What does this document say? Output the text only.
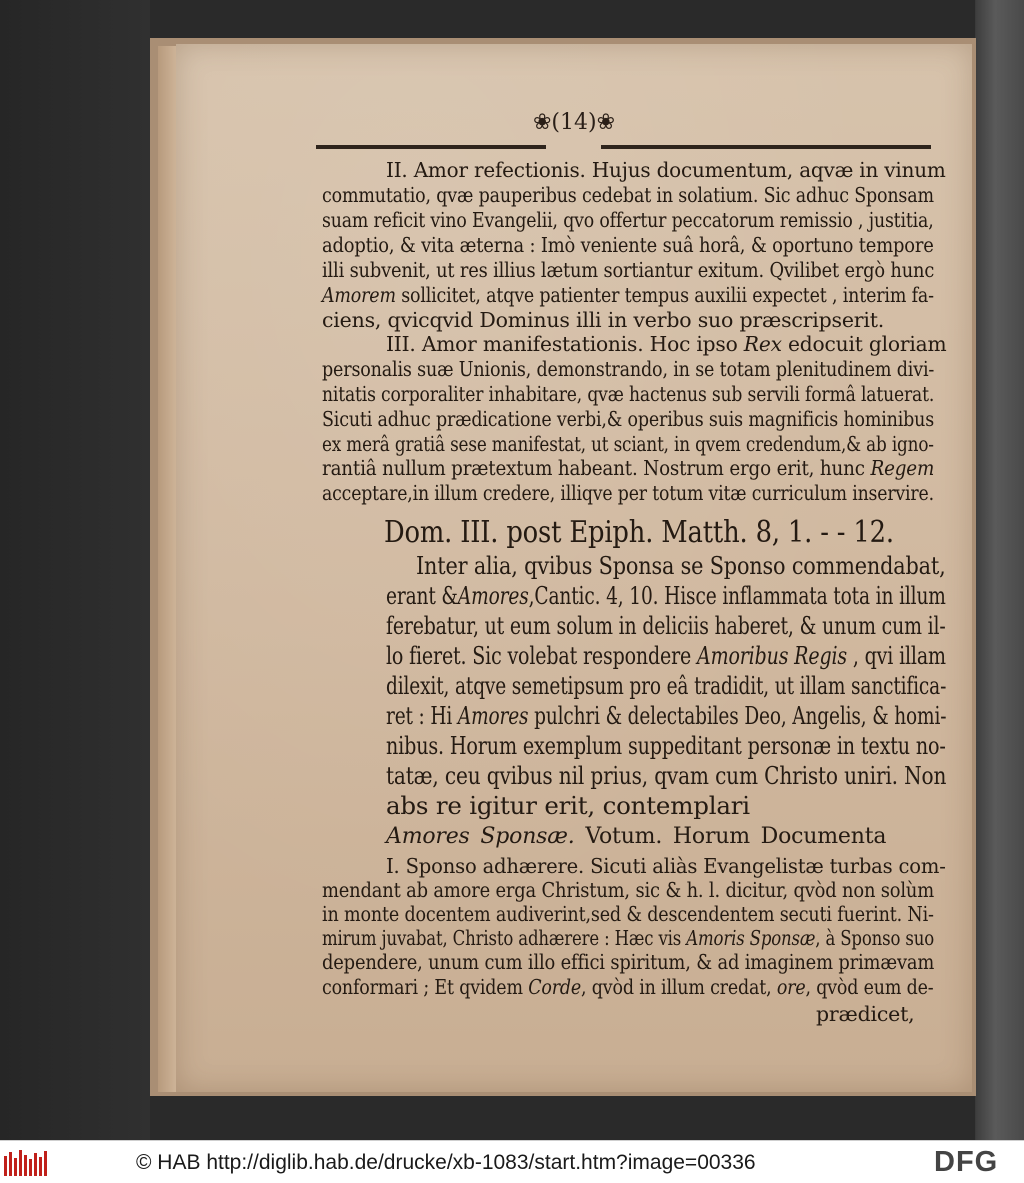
❀(14)❀
II. Amor refectionis. Hujus documentum, aqvæ in vinum
commutatio, qvæ pauperibus cedebat in solatium. Sic adhuc Sponsam
suam reficit vino Evangelii, qvo offertur peccatorum remissio , justitia,
adoptio, & vita æterna : Imò veniente suâ horâ, & oportuno tempore
illi subvenit, ut res illius lætum sortiantur exitum. Qvilibet ergò hunc
Amorem sollicitet, atqve patienter tempus auxilii expectet , interim fa-
ciens, qvicqvid Dominus illi in verbo suo præscripserit.
III. Amor manifestationis. Hoc ipso Rex edocuit gloriam
personalis suæ Unionis, demonstrando, in se totam plenitudinem divi-
nitatis corporaliter inhabitare, qvæ hactenus sub servili formâ latuerat.
Sicuti adhuc prædicatione verbi,& operibus suis magnificis hominibus
ex merâ gratiâ sese manifestat, ut sciant, in qvem credendum,& ab igno-
rantiâ nullum prætextum habeant. Nostrum ergo erit, hunc Regem
acceptare,in illum credere, illiqve per totum vitæ curriculum inservire.
Dom. III. post Epiph. Matth. 8, 1. - - 12.
Inter alia, qvibus Sponsa se Sponso commendabat,
erant &Amores,Cantic. 4, 10. Hisce inflammata tota in illum
ferebatur, ut eum solum in deliciis haberet, & unum cum il-
lo fieret. Sic volebat respondere Amoribus Regis , qvi illam
dilexit, atqve semetipsum pro eâ tradidit, ut illam sanctifica-
ret : Hi Amores pulchri & delectabiles Deo, Angelis, & homi-
nibus. Horum exemplum suppeditant personæ in textu no-
tatæ, ceu qvibus nil prius, qvam cum Christo uniri. Non
abs re igitur erit, contemplari
Amores Sponsæ. Votum. Horum Documenta
I. Sponso adhærere. Sicuti aliàs Evangelistæ turbas com-
mendant ab amore erga Christum, sic & h. l. dicitur, qvòd non solùm
in monte docentem audiverint,sed & descendentem secuti fuerint. Ni-
mirum juvabat, Christo adhærere : Hæc vis Amoris Sponsæ, à Sponso suo
dependere, unum cum illo effici spiritum, & ad imaginem primævam
conformari ; Et qvidem Corde, qvòd in illum credat, ore, qvòd eum de-
prædicet,
© HAB http://diglib.hab.de/drucke/xb-1083/start.htm?image=00336	DFG
